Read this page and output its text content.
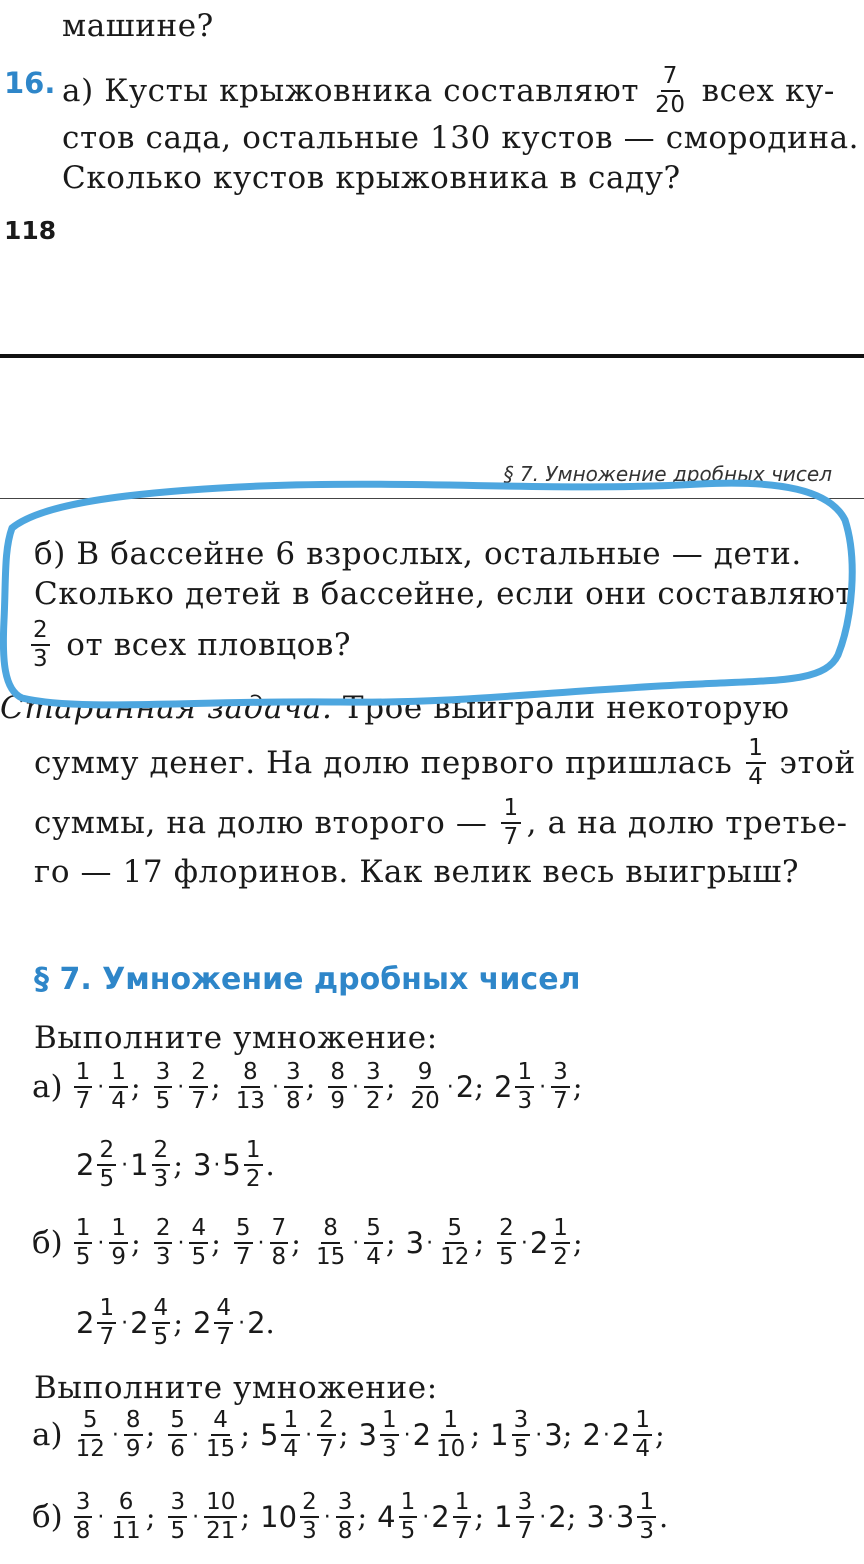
машине?
16. а) Кусты крыжовника составляют $\frac{7}{20}$ всех ку-
стов сада, остальные 130 кустов — смородина.
Сколько кустов крыжовника в саду?
118
§ 7. Умножение дробных чисел
б) В бассейне 6 взрослых, остальные — дети.
Сколько детей в бассейне, если они составляют
$\frac{2}{3}$ от всех пловцов?
Старинная задача. Трое выиграли некоторую
сумму денег. На долю первого пришлась $\frac{1}{4}$ этой
суммы, на долю второго — $\frac{1}{7}$ , а на долю третье-
го — 17 флоринов. Как велик весь выигрыш?
§ 7. Умножение дробных чисел
Выполните умножение:
$а) \frac{1}{7} \cdot \frac{1}{4}$ ; $\frac{3}{5} \cdot \frac{2}{7}$ ; $\frac{8}{13} \cdot \frac{3}{8}$ ; $\frac{8}{9} \cdot \frac{3}{2}$ ; $\frac{9}{20} \cdot 2$ ; $2 \frac{1}{3} \cdot \frac{3}{7}$ ;
$2 \frac{2}{5} \cdot 1 \frac{2}{3}$ ; $3 \cdot 5 \frac{1}{2}$ .
$б) \frac{1}{5} \cdot \frac{1}{9}$ ; $\frac{2}{3} \cdot \frac{4}{5}$ ; $\frac{5}{7} \cdot \frac{7}{8}$ ; $\frac{8}{15} \cdot \frac{5}{4}$ ; $3 \cdot \frac{5}{12}$ ; $\frac{2}{5} \cdot 2 \frac{1}{2}$ ;
$2 \frac{1}{7} \cdot 2 \frac{4}{5}$ ; $2 \frac{4}{7} \cdot 2$ .
Выполните умножение:
$а) \frac{5}{12} \cdot \frac{8}{9}$ ; $\frac{5}{6} \cdot \frac{4}{15}$ ; $5 \frac{1}{4} \cdot \frac{2}{7}$ ; $3 \frac{1}{3} \cdot 2 \frac{1}{10}$ ; $1 \frac{3}{5} \cdot 3$ ; $2 \cdot 2 \frac{1}{4}$ ;
$б) \frac{3}{8} \cdot \frac{6}{11}$ ; $\frac{3}{5} \cdot \frac{10}{21}$ ; $10 \frac{2}{3} \cdot \frac{3}{8}$ ; $4 \frac{1}{5} \cdot 2 \frac{1}{7}$ ; $1 \frac{3}{7} \cdot 2$ ; $3 \cdot 3 \frac{1}{3}$ .
